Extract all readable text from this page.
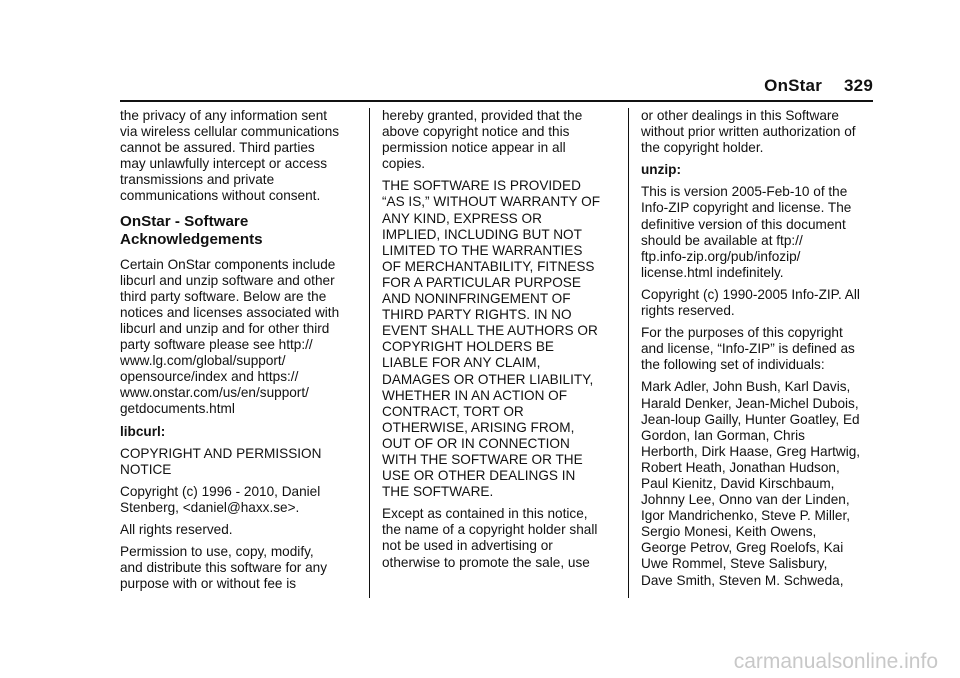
OnStar 329

the privacy of any information sent
via wireless cellular communications
cannot be assured. Third parties
may unlawfully intercept or access
transmissions and private
communications without consent.

OnStar - Software
Acknowledgements

Certain OnStar components include
libcurl and unzip software and other
third party software. Below are the
notices and licenses associated with
libcurl and unzip and for other third
party software please see http://
www.lg.com/global/support/
opensource/index and https://
www.onstar.com/us/en/support/
getdocuments.html

libcurl:

COPYRIGHT AND PERMISSION
NOTICE

Copyright (c) 1996 - 2010, Daniel
Stenberg, <daniel@haxx.se>.

All rights reserved.

Permission to use, copy, modify,
and distribute this software for any
purpose with or without fee is

hereby granted, provided that the
above copyright notice and this
permission notice appear in all
copies.

THE SOFTWARE IS PROVIDED
“AS IS,” WITHOUT WARRANTY OF
ANY KIND, EXPRESS OR
IMPLIED, INCLUDING BUT NOT
LIMITED TO THE WARRANTIES
OF MERCHANTABILITY, FITNESS
FOR A PARTICULAR PURPOSE
AND NONINFRINGEMENT OF
THIRD PARTY RIGHTS. IN NO
EVENT SHALL THE AUTHORS OR
COPYRIGHT HOLDERS BE
LIABLE FOR ANY CLAIM,
DAMAGES OR OTHER LIABILITY,
WHETHER IN AN ACTION OF
CONTRACT, TORT OR
OTHERWISE, ARISING FROM,
OUT OF OR IN CONNECTION
WITH THE SOFTWARE OR THE
USE OR OTHER DEALINGS IN
THE SOFTWARE.

Except as contained in this notice,
the name of a copyright holder shall
not be used in advertising or
otherwise to promote the sale, use

or other dealings in this Software
without prior written authorization of
the copyright holder.

unzip:

This is version 2005-Feb-10 of the
Info-ZIP copyright and license. The
definitive version of this document
should be available at ftp://
ftp.info-zip.org/pub/infozip/
license.html indefinitely.

Copyright (c) 1990-2005 Info-ZIP. All
rights reserved.

For the purposes of this copyright
and license, “Info-ZIP” is defined as
the following set of individuals:

Mark Adler, John Bush, Karl Davis,
Harald Denker, Jean-Michel Dubois,
Jean-loup Gailly, Hunter Goatley, Ed
Gordon, Ian Gorman, Chris
Herborth, Dirk Haase, Greg Hartwig,
Robert Heath, Jonathan Hudson,
Paul Kienitz, David Kirschbaum,
Johnny Lee, Onno van der Linden,
Igor Mandrichenko, Steve P. Miller,
Sergio Monesi, Keith Owens,
George Petrov, Greg Roelofs, Kai
Uwe Rommel, Steve Salisbury,
Dave Smith, Steven M. Schweda,

carmanualsonline.info
